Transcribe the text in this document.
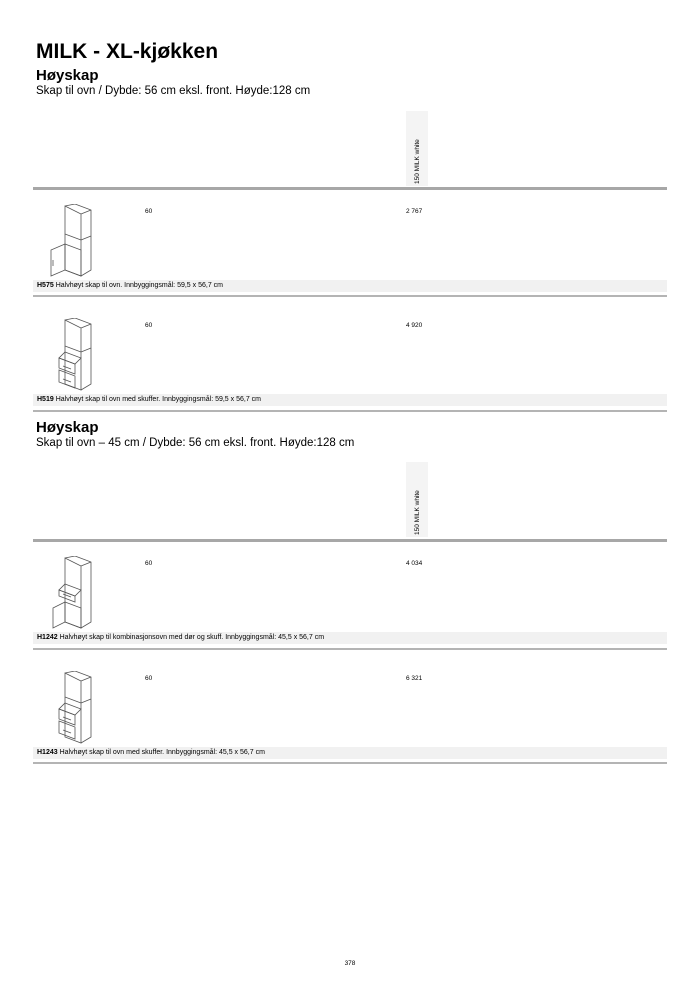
MILK - XL-kjøkken
Høyskap
Skap til ovn / Dybde: 56 cm eksl. front. Høyde:128 cm
150 MILK white
60	2 767
H575 Halvhøyt skap til ovn. Innbyggingsmål: 59,5 x 56,7 cm
60	4 920
H519 Halvhøyt skap til ovn med skuffer. Innbyggingsmål: 59,5 x 56,7 cm
Høyskap
Skap til ovn – 45 cm / Dybde: 56 cm eksl. front. Høyde:128 cm
150 MILK white
60	4 034
H1242 Halvhøyt skap til kombinasjonsovn med dør og skuff. Innbyggingsmål: 45,5 x 56,7 cm
60	6 321
H1243 Halvhøyt skap til ovn med skuffer. Innbyggingsmål: 45,5 x 56,7 cm
378
